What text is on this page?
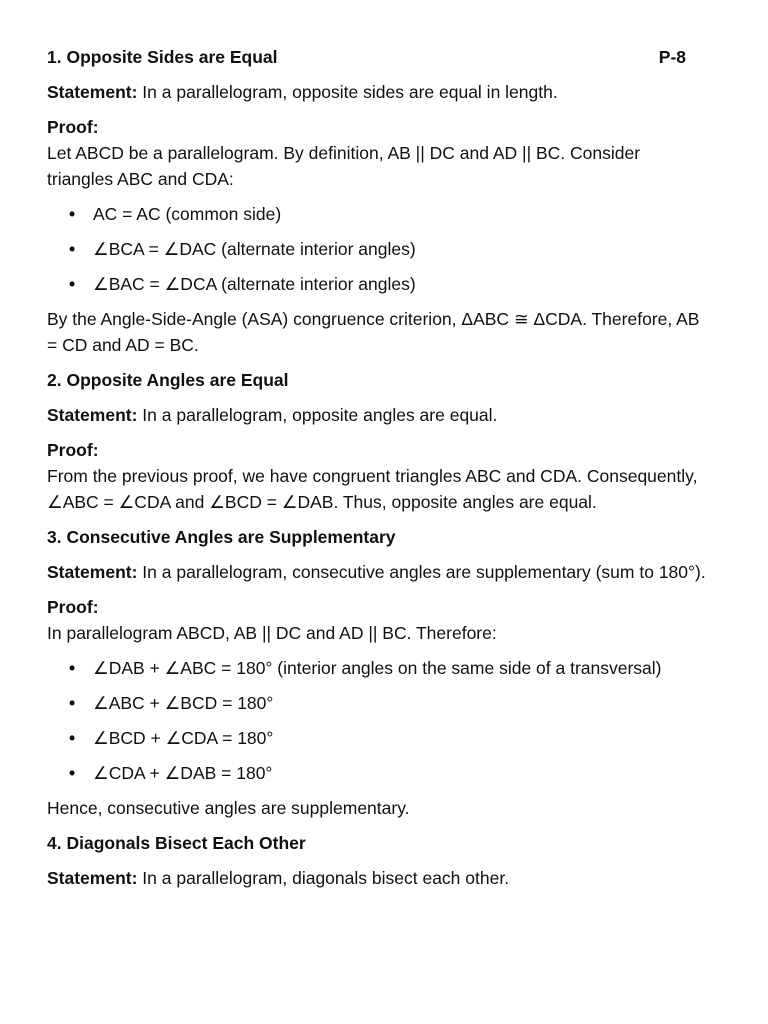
1. Opposite Sides are Equal	P-8

Statement: In a parallelogram, opposite sides are equal in length.

Proof:

Let ABCD be a parallelogram. By definition, AB || DC and AD || BC. Consider triangles ABC and CDA:

• AC = AC (common side)
• ∠BCA = ∠DAC (alternate interior angles)
• ∠BAC = ∠DCA (alternate interior angles)

By the Angle-Side-Angle (ASA) congruence criterion, ΔABC ≅ ΔCDA. Therefore, AB = CD and AD = BC.

2. Opposite Angles are Equal

Statement: In a parallelogram, opposite angles are equal.

Proof:

From the previous proof, we have congruent triangles ABC and CDA. Consequently, ∠ABC = ∠CDA and ∠BCD = ∠DAB. Thus, opposite angles are equal.

3. Consecutive Angles are Supplementary

Statement: In a parallelogram, consecutive angles are supplementary (sum to 180°).

Proof:

In parallelogram ABCD, AB || DC and AD || BC. Therefore:

• ∠DAB + ∠ABC = 180° (interior angles on the same side of a transversal)
• ∠ABC + ∠BCD = 180°
• ∠BCD + ∠CDA = 180°
• ∠CDA + ∠DAB = 180°

Hence, consecutive angles are supplementary.

4. Diagonals Bisect Each Other

Statement: In a parallelogram, diagonals bisect each other.
